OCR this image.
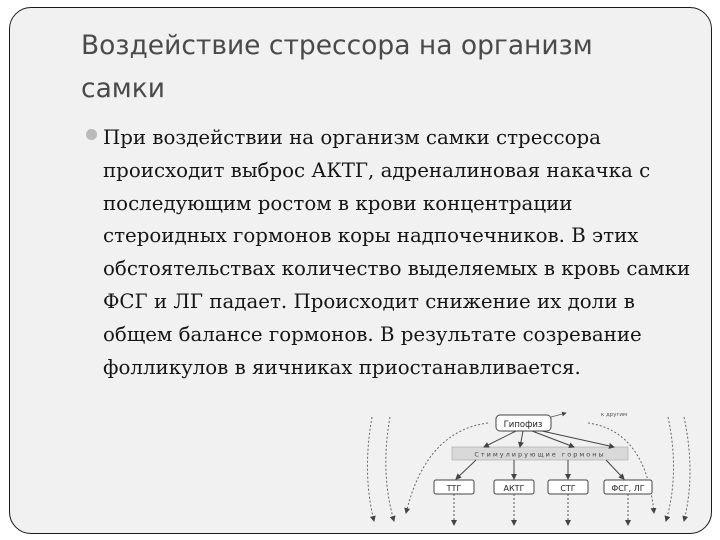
Воздействие стрессора на организм самки

При воздействии на организм самки стрессора происходит выброс АКТГ, адреналиновая накачка с последующим ростом в крови концентрации стероидных гормонов коры надпочечников. В этих обстоятельствах количество выделяемых в кровь самки ФСГ и ЛГ падает. Происходит снижение их доли в общем балансе гормонов. В результате созревание фолликулов в яичниках приостанавливается.

Гипофиз
к другим
Стимулирующие гормоны
ТТГ	АКТГ	СТГ	ФСГ, ЛГ
